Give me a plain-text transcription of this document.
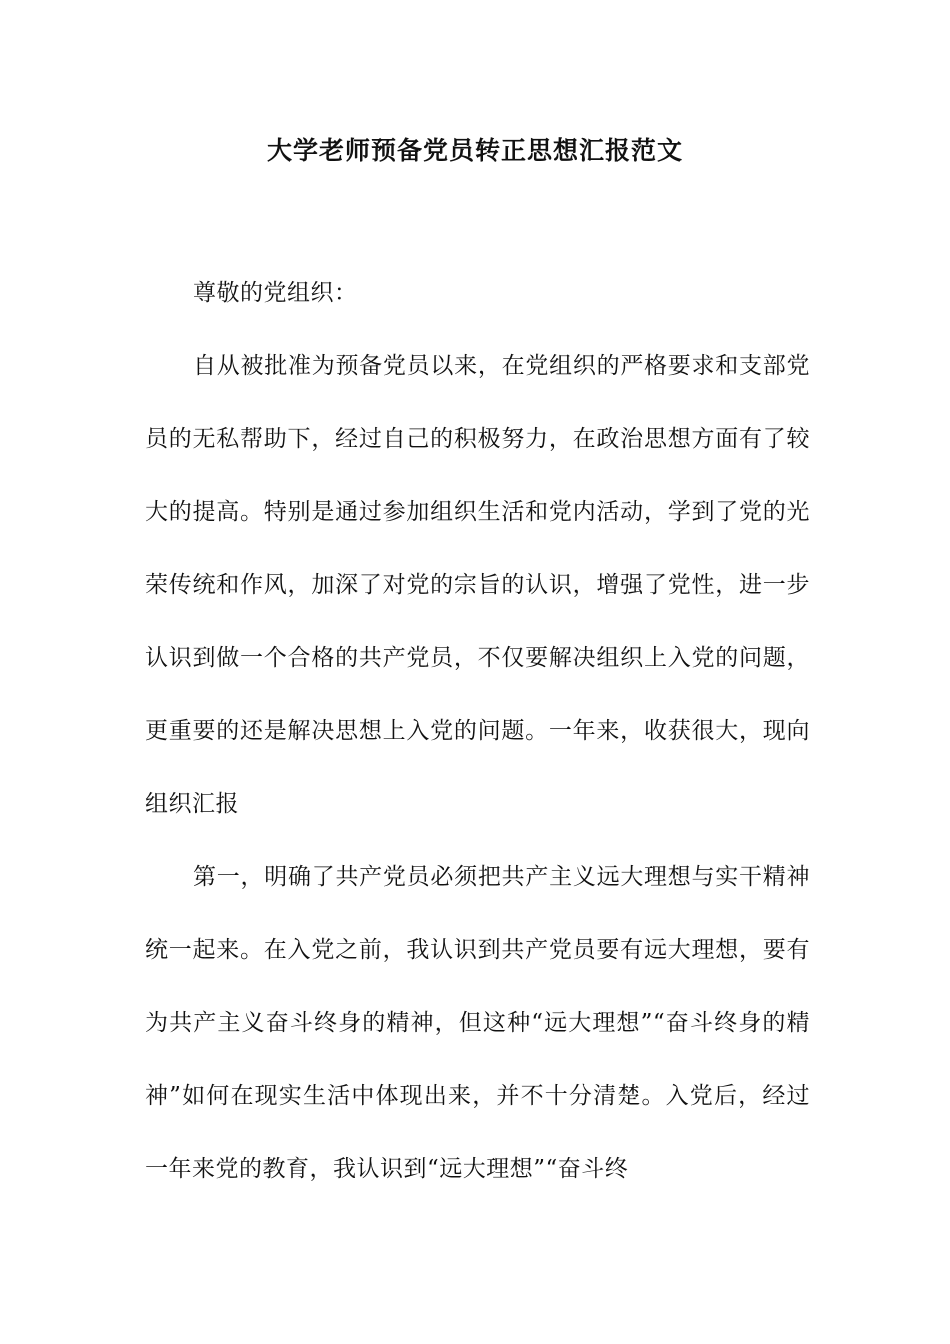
大学老师预备党员转正思想汇报范文

尊敬的党组织：

自从被批准为预备党员以来，在党组织的严格要求和支部党员的无私帮助下，经过自己的积极努力，在政治思想方面有了较大的提高。特别是通过参加组织生活和党内活动，学到了党的光荣传统和作风，加深了对党的宗旨的认识，增强了党性，进一步认识到做一个合格的共产党员，不仅要解决组织上入党的问题，更重要的还是解决思想上入党的问题。一年来，收获很大，现向组织汇报

第一，明确了共产党员必须把共产主义远大理想与实干精神统一起来。在入党之前，我认识到共产党员要有远大理想，要有为共产主义奋斗终身的精神，但这种“远大理想”“奋斗终身的精神”如何在现实生活中体现出来，并不十分清楚。入党后，经过一年来党的教育，我认识到“远大理想”“奋斗终
